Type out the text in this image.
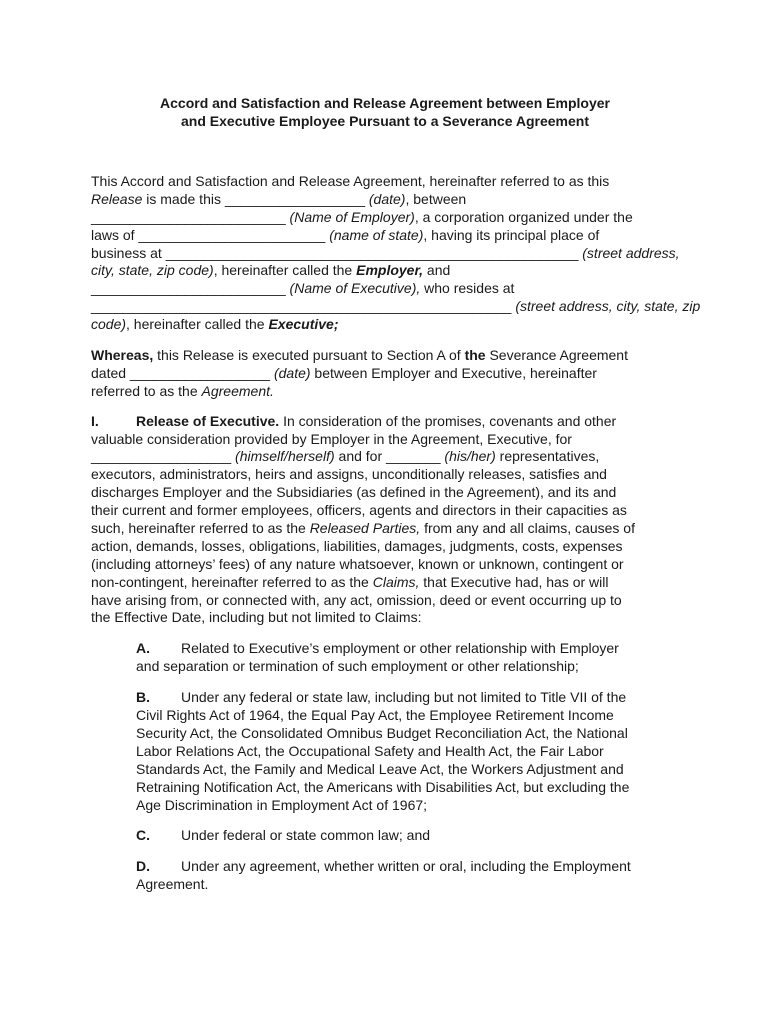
Accord and Satisfaction and Release Agreement between Employer
and Executive Employee Pursuant to a Severance Agreement
This Accord and Satisfaction and Release Agreement, hereinafter referred to as this
Release is made this __________________ (date), between
_________________________ (Name of Employer), a corporation organized under the
laws of ________________________ (name of state), having its principal place of
business at _____________________________________________________ (street address,
city, state, zip code), hereinafter called the Employer, and
_________________________ (Name of Executive), who resides at
______________________________________________________ (street address, city, state, zip
code), hereinafter called the Executive;
Whereas, this Release is executed pursuant to Section A of the Severance Agreement
dated __________________ (date) between Employer and Executive, hereinafter
referred to as the Agreement.
I.	Release of Executive. In consideration of the promises, covenants and other
valuable consideration provided by Employer in the Agreement, Executive, for
__________________ (himself/herself) and for _______ (his/her) representatives,
executors, administrators, heirs and assigns, unconditionally releases, satisfies and
discharges Employer and the Subsidiaries (as defined in the Agreement), and its and
their current and former employees, officers, agents and directors in their capacities as
such, hereinafter referred to as the Released Parties, from any and all claims, causes of
action, demands, losses, obligations, liabilities, damages, judgments, costs, expenses
(including attorneys’ fees) of any nature whatsoever, known or unknown, contingent or
non-contingent, hereinafter referred to as the Claims, that Executive had, has or will
have arising from, or connected with, any act, omission, deed or event occurring up to
the Effective Date, including but not limited to Claims:
A. Related to Executive’s employment or other relationship with Employer
and separation or termination of such employment or other relationship;
B. Under any federal or state law, including but not limited to Title VII of the
Civil Rights Act of 1964, the Equal Pay Act, the Employee Retirement Income
Security Act, the Consolidated Omnibus Budget Reconciliation Act, the National
Labor Relations Act, the Occupational Safety and Health Act, the Fair Labor
Standards Act, the Family and Medical Leave Act, the Workers Adjustment and
Retraining Notification Act, the Americans with Disabilities Act, but excluding the
Age Discrimination in Employment Act of 1967;
C. Under federal or state common law; and
D. Under any agreement, whether written or oral, including the Employment
Agreement.
